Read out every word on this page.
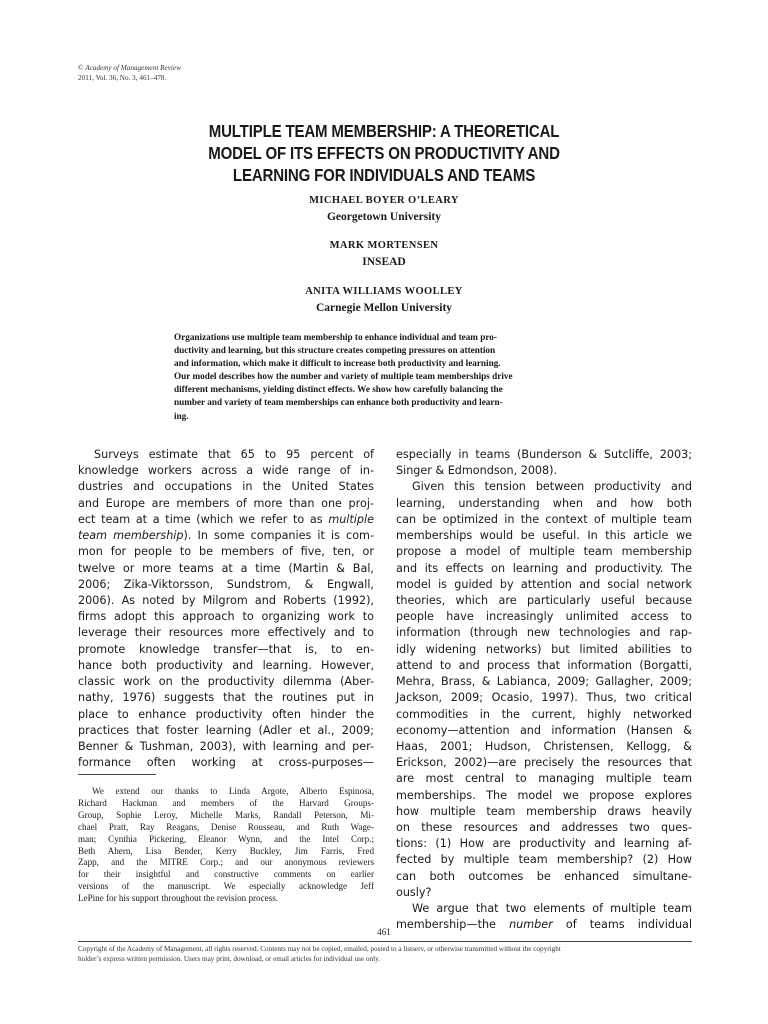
© Academy of Management Review
2011, Vol. 36, No. 3, 461–478.
MULTIPLE TEAM MEMBERSHIP: A THEORETICAL
MODEL OF ITS EFFECTS ON PRODUCTIVITY AND
LEARNING FOR INDIVIDUALS AND TEAMS
MICHAEL BOYER O’LEARY
Georgetown University
MARK MORTENSEN
INSEAD
ANITA WILLIAMS WOOLLEY
Carnegie Mellon University
Organizations use multiple team membership to enhance individual and team pro-
ductivity and learning, but this structure creates competing pressures on attention
and information, which make it difficult to increase both productivity and learning.
Our model describes how the number and variety of multiple team memberships drive
different mechanisms, yielding distinct effects. We show how carefully balancing the
number and variety of team memberships can enhance both productivity and learn-
ing.
Surveys estimate that 65 to 95 percent of
knowledge workers across a wide range of in-
dustries and occupations in the United States
and Europe are members of more than one proj-
ect team at a time (which we refer to as multiple
team membership). In some companies it is com-
mon for people to be members of five, ten, or
twelve or more teams at a time (Martin & Bal,
2006; Zika-Viktorsson, Sundstrom, & Engwall,
2006). As noted by Milgrom and Roberts (1992),
firms adopt this approach to organizing work to
leverage their resources more effectively and to
promote knowledge transfer—that is, to en-
hance both productivity and learning. However,
classic work on the productivity dilemma (Aber-
nathy, 1976) suggests that the routines put in
place to enhance productivity often hinder the
practices that foster learning (Adler et al., 2009;
Benner & Tushman, 2003), with learning and per-
formance often working at cross-purposes—
We extend our thanks to Linda Argote, Alberto Espinosa,
Richard Hackman and members of the Harvard Groups-
Group, Sophie Leroy, Michelle Marks, Randall Peterson, Mi-
chael Pratt, Ray Reagans, Denise Rousseau, and Ruth Wage-
man; Cynthia Pickering, Eleanor Wynn, and the Intel Corp.;
Beth Ahern, Lisa Bender, Kerry Buckley, Jim Farris, Fred
Zapp, and the MITRE Corp.; and our anonymous reviewers
for their insightful and constructive comments on earlier
versions of the manuscript. We especially acknowledge Jeff
LePine for his support throughout the revision process.
especially in teams (Bunderson & Sutcliffe, 2003;
Singer & Edmondson, 2008).
Given this tension between productivity and
learning, understanding when and how both
can be optimized in the context of multiple team
memberships would be useful. In this article we
propose a model of multiple team membership
and its effects on learning and productivity. The
model is guided by attention and social network
theories, which are particularly useful because
people have increasingly unlimited access to
information (through new technologies and rap-
idly widening networks) but limited abilities to
attend to and process that information (Borgatti,
Mehra, Brass, & Labianca, 2009; Gallagher, 2009;
Jackson, 2009; Ocasio, 1997). Thus, two critical
commodities in the current, highly networked
economy—attention and information (Hansen &
Haas, 2001; Hudson, Christensen, Kellogg, &
Erickson, 2002)—are precisely the resources that
are most central to managing multiple team
memberships. The model we propose explores
how multiple team membership draws heavily
on these resources and addresses two ques-
tions: (1) How are productivity and learning af-
fected by multiple team membership? (2) How
can both outcomes be enhanced simultane-
ously?
We argue that two elements of multiple team
membership—the number of teams individual
461
Copyright of the Academy of Management, all rights reserved. Contents may not be copied, emailed, posted to a listserv, or otherwise transmitted without the copyright
holder’s express written permission. Users may print, download, or email articles for individual use only.
